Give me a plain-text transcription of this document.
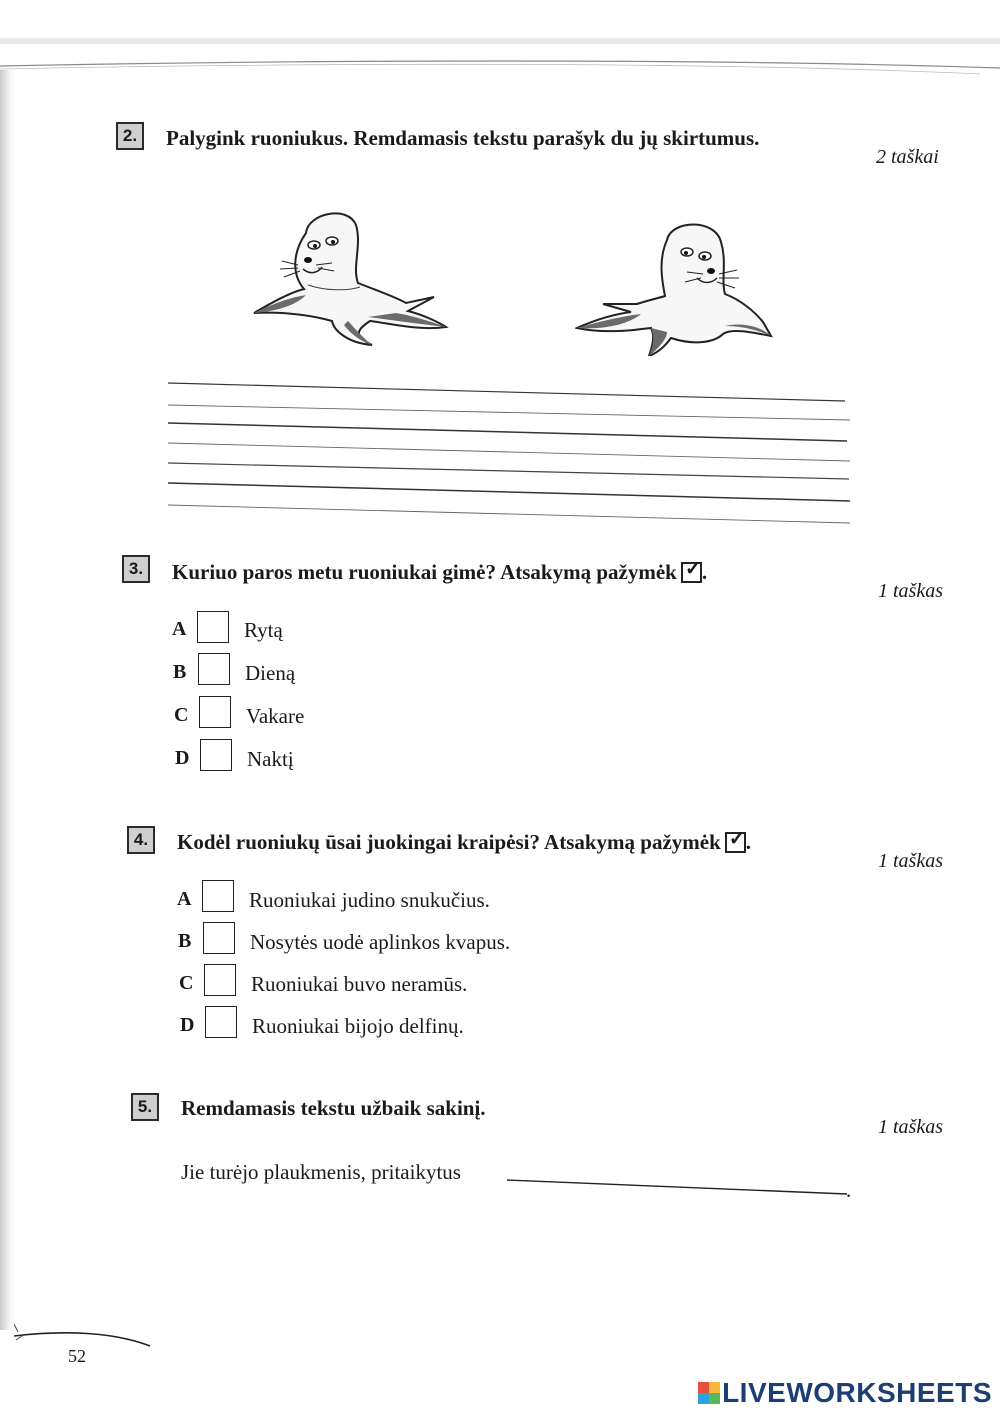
2.	Palygink ruoniukus. Remdamasis tekstu parašyk du jų skirtumus.
2 taškai
3.	Kuriuo paros metu ruoniukai gimė? Atsakymą pažymėk ✓ .
1 taškas
A	Rytą
B	Dieną
C	Vakare
D	Naktį
4.	Kodėl ruoniukų ūsai juokingai kraipėsi? Atsakymą pažymėk ✓ .
1 taškas
A	Ruoniukai judino snukučius.
B	Nosytės uodė aplinkos kvapus.
C	Ruoniukai buvo neramūs.
D	Ruoniukai bijojo delfinų.
5.	Remdamasis tekstu užbaik sakinį.
1 taškas
Jie turėjo plaukmenis, pritaikytus
.
52
LIVEWORKSHEETS
